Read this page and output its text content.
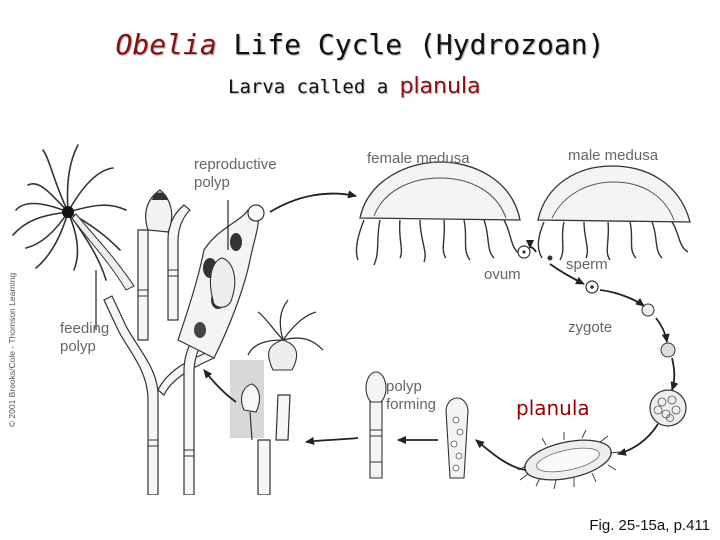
Obelia Life Cycle (Hydrozoan)
Larva called a planula
© 2001 Brooks/Cole - Thomson Learning
reproductive
polyp
female medusa	male medusa
ovum
sperm
zygote
feeding
polyp
polyp
forming	planula
Fig. 25-15a, p.411
